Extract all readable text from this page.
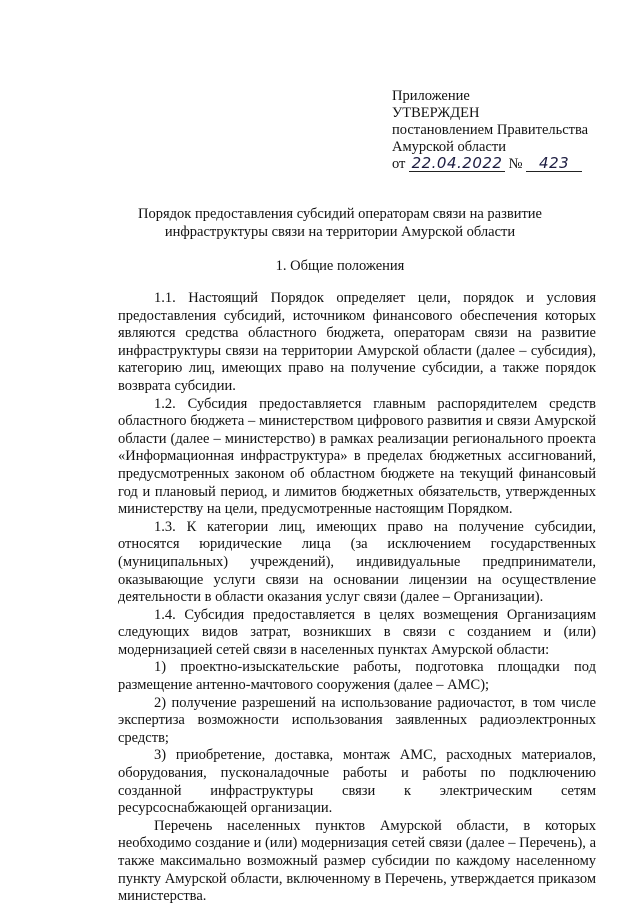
Приложение
УТВЕРЖДЕН
постановлением Правительства
Амурской области
от 22.04.2022 № 423
Порядок предоставления субсидий операторам связи на развитие
инфраструктуры связи на территории Амурской области
1. Общие положения

1.1. Настоящий Порядок определяет цели, порядок и условия предоставления субсидий, источником финансового обеспечения которых являются средства областного бюджета, операторам связи на развитие инфраструктуры связи на территории Амурской области (далее – субсидия), категорию лиц, имеющих право на получение субсидии, а также порядок возврата субсидии.

1.2. Субсидия предоставляется главным распорядителем средств областного бюджета – министерством цифрового развития и связи Амурской области (далее – министерство) в рамках реализации регионального проекта «Информационная инфраструктура» в пределах бюджетных ассигнований, предусмотренных законом об областном бюджете на текущий финансовый год и плановый период, и лимитов бюджетных обязательств, утвержденных министерству на цели, предусмотренные настоящим Порядком.

1.3. К категории лиц, имеющих право на получение субсидии, относятся юридические лица (за исключением государственных (муниципальных) учреждений), индивидуальные предприниматели, оказывающие услуги связи на основании лицензии на осуществление деятельности в области оказания услуг связи (далее – Организации).

1.4. Субсидия предоставляется в целях возмещения Организациям следующих видов затрат, возникших в связи с созданием и (или) модернизацией сетей связи в населенных пунктах Амурской области:

1) проектно-изыскательские работы, подготовка площадки под размещение антенно-мачтового сооружения (далее – АМС);

2) получение разрешений на использование радиочастот, в том числе экспертиза возможности использования заявленных радиоэлектронных средств;

3) приобретение, доставка, монтаж АМС, расходных материалов, оборудования, пусконаладочные работы и работы по подключению созданной инфраструктуры связи к электрическим сетям ресурсоснабжающей организации.

Перечень населенных пунктов Амурской области, в которых необходимо создание и (или) модернизация сетей связи (далее – Перечень), а также максимально возможный размер субсидии по каждому населенному пункту Амурской области, включенному в Перечень, утверждается приказом министерства.
